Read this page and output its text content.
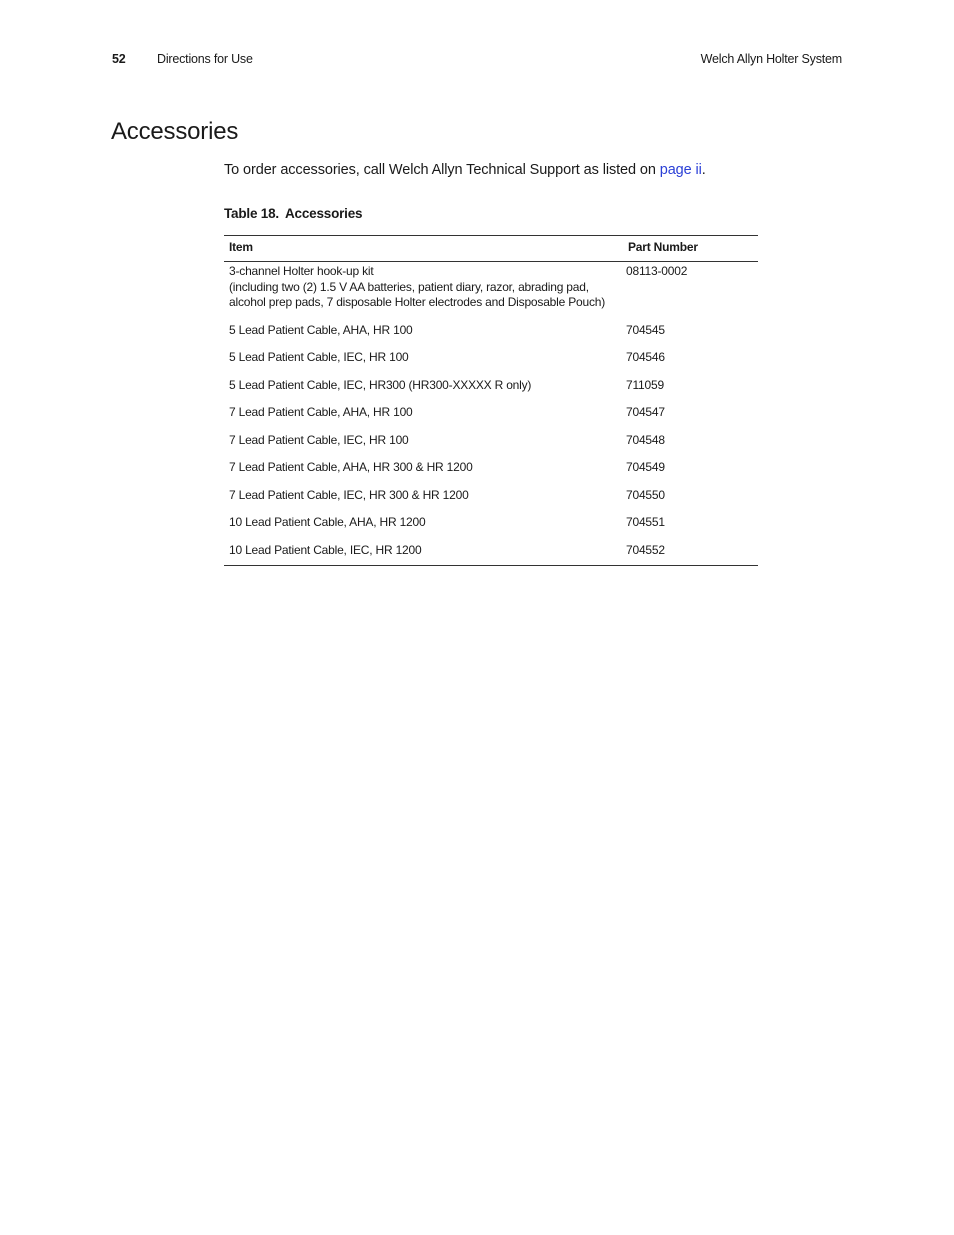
52	Directions for Use	Welch Allyn Holter System
Accessories

To order accessories, call Welch Allyn Technical Support as listed on page ii.

Table 18. Accessories
Item	Part Number

3-channel Holter hook-up kit
(including two (2) 1.5 V AA batteries, patient diary, razor, abrading pad,
alcohol prep pads, 7 disposable Holter electrodes and Disposable Pouch)	08113-0002

5 Lead Patient Cable, AHA, HR 100	704545

5 Lead Patient Cable, IEC, HR 100	704546

5 Lead Patient Cable, IEC, HR300 (HR300-XXXXX R only)	711059

7 Lead Patient Cable, AHA, HR 100	704547

7 Lead Patient Cable, IEC, HR 100	704548

7 Lead Patient Cable, AHA, HR 300 & HR 1200	704549

7 Lead Patient Cable, IEC, HR 300 & HR 1200	704550

10 Lead Patient Cable, AHA, HR 1200	704551

10 Lead Patient Cable, IEC, HR 1200	704552
